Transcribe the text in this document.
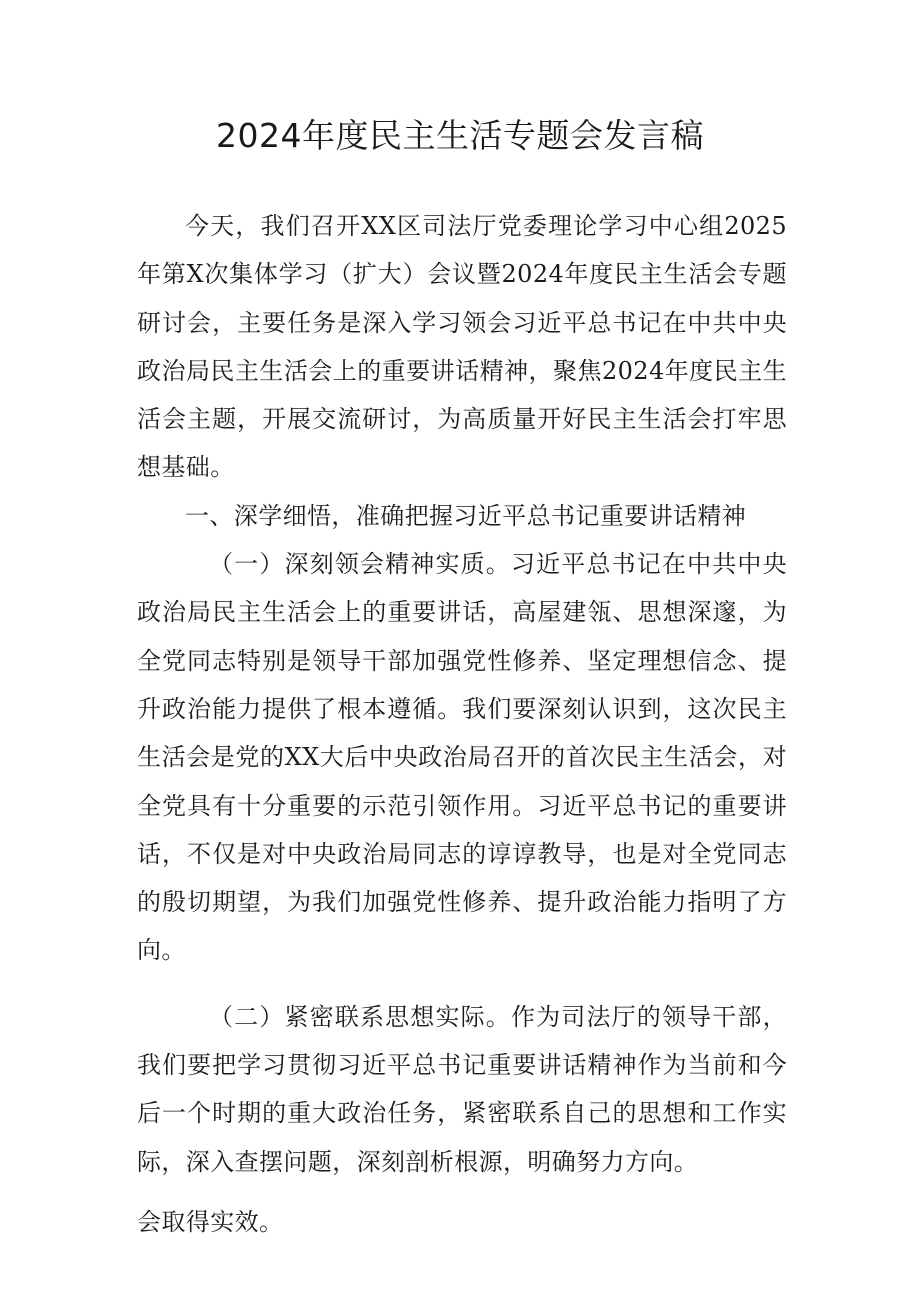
2024年度民主生活专题会发言稿

今天，我们召开XX区司法厅党委理论学习中心组2025年第X次集体学习（扩大）会议暨2024年度民主生活会专题研讨会，主要任务是深入学习领会习近平总书记在中共中央政治局民主生活会上的重要讲话精神，聚焦2024年度民主生活会主题，开展交流研讨，为高质量开好民主生活会打牢思想基础。

一、深学细悟，准确把握习近平总书记重要讲话精神

（一）深刻领会精神实质。习近平总书记在中共中央政治局民主生活会上的重要讲话，高屋建瓴、思想深邃，为全党同志特别是领导干部加强党性修养、坚定理想信念、提升政治能力提供了根本遵循。我们要深刻认识到，这次民主生活会是党的XX大后中央政治局召开的首次民主生活会，对全党具有十分重要的示范引领作用。习近平总书记的重要讲话，不仅是对中央政治局同志的谆谆教导，也是对全党同志的殷切期望，为我们加强党性修养、提升政治能力指明了方向。

（二）紧密联系思想实际。作为司法厅的领导干部，我们要把学习贯彻习近平总书记重要讲话精神作为当前和今后一个时期的重大政治任务，紧密联系自己的思想和工作实际，深入查摆问题，深刻剖析根源，明确努力方向。

会取得实效。
